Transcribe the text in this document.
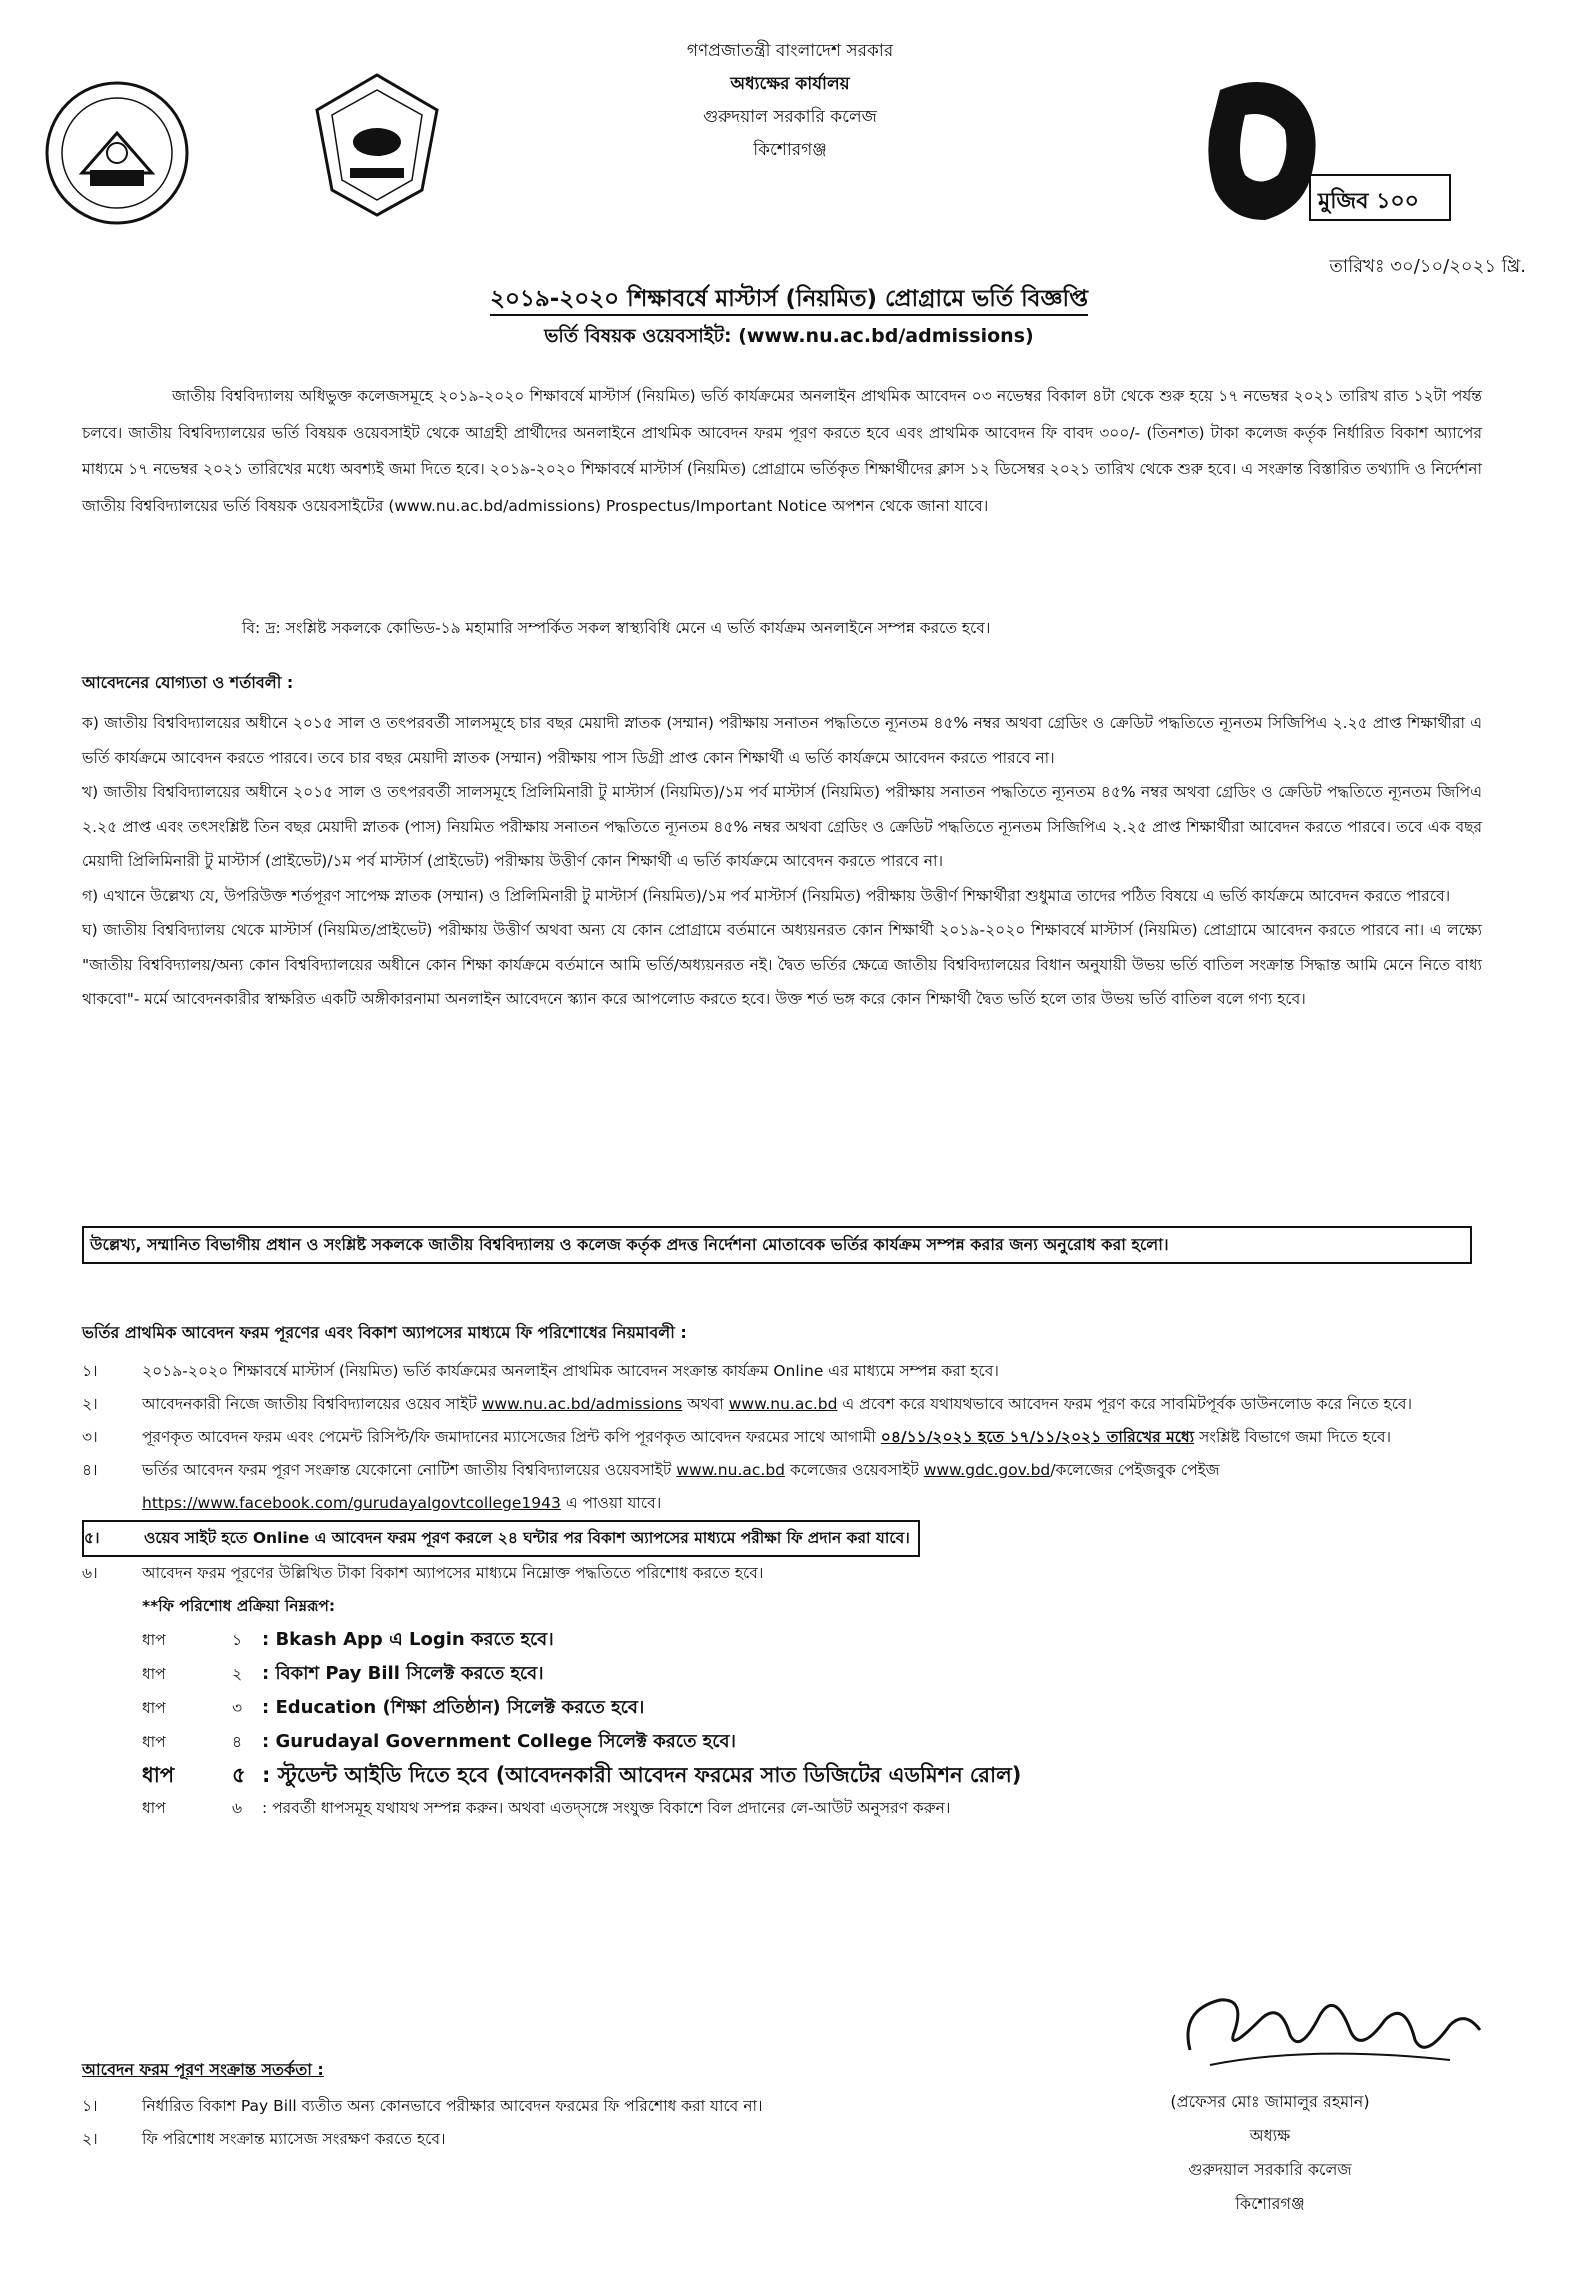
গণপ্রজাতন্ত্রী বাংলাদেশ সরকার
অধ্যক্ষের কার্যালয়
গুরুদয়াল সরকারি কলেজ
কিশোরগঞ্জ
মুজিব ১০০
তারিখঃ ৩০/১০/২০২১ খ্রি.
২০১৯-২০২০ শিক্ষাবর্ষে মাস্টার্স (নিয়মিত) প্রোগ্রামে ভর্তি বিজ্ঞপ্তি
ভর্তি বিষয়ক ওয়েবসাইট: (www.nu.ac.bd/admissions)
জাতীয় বিশ্ববিদ্যালয় অধিভুক্ত কলেজসমূহে ২০১৯-২০২০ শিক্ষাবর্ষে মাস্টার্স (নিয়মিত) ভর্তি কার্যক্রমের অনলাইন প্রাথমিক আবেদন ০৩ নভেম্বর বিকাল ৪টা থেকে শুরু হয়ে ১৭ নভেম্বর ২০২১ তারিখ রাত ১২টা পর্যন্ত চলবে। জাতীয় বিশ্ববিদ্যালয়ের ভর্তি বিষয়ক ওয়েবসাইট থেকে আগ্রহী প্রার্থীদের অনলাইনে প্রাথমিক আবেদন ফরম পূরণ করতে হবে এবং প্রাথমিক আবেদন ফি বাবদ ৩০০/- (তিনশত) টাকা কলেজ কর্তৃক নির্ধারিত বিকাশ অ্যাপের মাধ্যমে ১৭ নভেম্বর ২০২১ তারিখের মধ্যে অবশ্যই জমা দিতে হবে। ২০১৯-২০২০ শিক্ষাবর্ষে মাস্টার্স (নিয়মিত) প্রোগ্রামে ভর্তিকৃত শিক্ষার্থীদের ক্লাস ১২ ডিসেম্বর ২০২১ তারিখ থেকে শুরু হবে। এ সংক্রান্ত বিস্তারিত তথ্যাদি ও নির্দেশনা জাতীয় বিশ্ববিদ্যালয়ের ভর্তি বিষয়ক ওয়েবসাইটের (www.nu.ac.bd/admissions) Prospectus/Important Notice অপশন থেকে জানা যাবে।
বি: দ্র: সংশ্লিষ্ট সকলকে কোভিড-১৯ মহামারি সম্পর্কিত সকল স্বাস্থ্যবিধি মেনে এ ভর্তি কার্যক্রম অনলাইনে সম্পন্ন করতে হবে।
আবেদনের যোগ্যতা ও শর্তাবলী :

ক) জাতীয় বিশ্ববিদ্যালয়ের অধীনে ২০১৫ সাল ও তৎপরবর্তী সালসমূহে চার বছর মেয়াদী স্নাতক (সম্মান) পরীক্ষায় সনাতন পদ্ধতিতে ন্যূনতম ৪৫% নম্বর অথবা গ্রেডিং ও ক্রেডিট পদ্ধতিতে ন্যূনতম সিজিপিএ ২.২৫ প্রাপ্ত শিক্ষার্থীরা এ ভর্তি কার্যক্রমে আবেদন করতে পারবে। তবে চার বছর মেয়াদী স্নাতক (সম্মান) পরীক্ষায় পাস ডিগ্রী প্রাপ্ত কোন শিক্ষার্থী এ ভর্তি কার্যক্রমে আবেদন করতে পারবে না।

খ) জাতীয় বিশ্ববিদ্যালয়ের অধীনে ২০১৫ সাল ও তৎপরবর্তী সালসমূহে প্রিলিমিনারী টু মাস্টার্স (নিয়মিত)/১ম পর্ব মাস্টার্স (নিয়মিত) পরীক্ষায় সনাতন পদ্ধতিতে ন্যূনতম ৪৫% নম্বর অথবা গ্রেডিং ও ক্রেডিট পদ্ধতিতে ন্যূনতম জিপিএ ২.২৫ প্রাপ্ত এবং তৎসংশ্লিষ্ট তিন বছর মেয়াদী স্নাতক (পাস) নিয়মিত পরীক্ষায় সনাতন পদ্ধতিতে ন্যূনতম ৪৫% নম্বর অথবা গ্রেডিং ও ক্রেডিট পদ্ধতিতে ন্যূনতম সিজিপিএ ২.২৫ প্রাপ্ত শিক্ষার্থীরা আবেদন করতে পারবে। তবে এক বছর মেয়াদী প্রিলিমিনারী টু মাস্টার্স (প্রাইভেট)/১ম পর্ব মাস্টার্স (প্রাইভেট) পরীক্ষায় উত্তীর্ণ কোন শিক্ষার্থী এ ভর্তি কার্যক্রমে আবেদন করতে পারবে না।

গ) এখানে উল্লেখ্য যে, উপরিউক্ত শর্তপূরণ সাপেক্ষ স্নাতক (সম্মান) ও প্রিলিমিনারী টু মাস্টার্স (নিয়মিত)/১ম পর্ব মাস্টার্স (নিয়মিত) পরীক্ষায় উত্তীর্ণ শিক্ষার্থীরা শুধুমাত্র তাদের পঠিত বিষয়ে এ ভর্তি কার্যক্রমে আবেদন করতে পারবে।

ঘ) জাতীয় বিশ্ববিদ্যালয় থেকে মাস্টার্স (নিয়মিত/প্রাইভেট) পরীক্ষায় উত্তীর্ণ অথবা অন্য যে কোন প্রোগ্রামে বর্তমানে অধ্যয়নরত কোন শিক্ষার্থী ২০১৯-২০২০ শিক্ষাবর্ষে মাস্টার্স (নিয়মিত) প্রোগ্রামে আবেদন করতে পারবে না। এ লক্ষ্যে "জাতীয় বিশ্ববিদ্যালয়/অন্য কোন বিশ্ববিদ্যালয়ের অধীনে কোন শিক্ষা কার্যক্রমে বর্তমানে আমি ভর্তি/অধ্যয়নরত নই। দ্বৈত ভর্তির ক্ষেত্রে জাতীয় বিশ্ববিদ্যালয়ের বিধান অনুযায়ী উভয় ভর্তি বাতিল সংক্রান্ত সিদ্ধান্ত আমি মেনে নিতে বাধ্য থাকবো"- মর্মে আবেদনকারীর স্বাক্ষরিত একটি অঙ্গীকারনামা অনলাইন আবেদনে স্ক্যান করে আপলোড করতে হবে। উক্ত শর্ত ভঙ্গ করে কোন শিক্ষার্থী দ্বৈত ভর্তি হলে তার উভয় ভর্তি বাতিল বলে গণ্য হবে।

উল্লেখ্য, সম্মানিত বিভাগীয় প্রধান ও সংশ্লিষ্ট সকলকে জাতীয় বিশ্ববিদ্যালয় ও কলেজ কর্তৃক প্রদত্ত নির্দেশনা মোতাবেক ভর্তির কার্যক্রম সম্পন্ন করার জন্য অনুরোধ করা হলো।
ভর্তির প্রাথমিক আবেদন ফরম পূরণের এবং বিকাশ অ্যাপসের মাধ্যমে ফি পরিশোধের নিয়মাবলী :
১।	২০১৯-২০২০ শিক্ষাবর্ষে মাস্টার্স (নিয়মিত) ভর্তি কার্যক্রমের অনলাইন প্রাথমিক আবেদন সংক্রান্ত কার্যক্রম Online এর মাধ্যমে সম্পন্ন করা হবে।
২।	আবেদনকারী নিজে জাতীয় বিশ্ববিদ্যালয়ের ওয়েব সাইট www.nu.ac.bd/admissions অথবা www.nu.ac.bd এ প্রবেশ করে যথাযথভাবে আবেদন ফরম পূরণ করে সাবমিটপূর্বক ডাউনলোড করে নিতে হবে।
৩।	পূরণকৃত আবেদন ফরম এবং পেমেন্ট রিসিপ্ট/ফি জমাদানের ম্যাসেজের প্রিন্ট কপি পূরণকৃত আবেদন ফরমের সাথে আগামী ০৪/১১/২০২১ হতে ১৭/১১/২০২১ তারিখের মধ্যে সংশ্লিষ্ট বিভাগে জমা দিতে হবে।
৪।	ভর্তির আবেদন ফরম পূরণ সংক্রান্ত যেকোনো নোটিশ জাতীয় বিশ্ববিদ্যালয়ের ওয়েবসাইট www.nu.ac.bd কলেজের ওয়েবসাইট www.gdc.gov.bd/কলেজের পেইজবুক পেইজ https://www.facebook.com/gurudayalgovtcollege1943 এ পাওয়া যাবে।
৫।	ওয়েব সাইট হতে Online এ আবেদন ফরম পূরণ করলে ২৪ ঘন্টার পর বিকাশ অ্যাপসের মাধ্যমে পরীক্ষা ফি প্রদান করা যাবে।
৬।	আবেদন ফরম পূরণের উল্লিখিত টাকা বিকাশ অ্যাপসের মাধ্যমে নিম্নোক্ত পদ্ধতিতে পরিশোধ করতে হবে।
**ফি পরিশোধ প্রক্রিয়া নিম্নরূপ:
ধাপ	১ : Bkash App এ Login করতে হবে।
ধাপ	২ : বিকাশ Pay Bill সিলেক্ট করতে হবে।
ধাপ	৩ : Education (শিক্ষা প্রতিষ্ঠান) সিলেক্ট করতে হবে।
ধাপ	৪ : Gurudayal Government College সিলেক্ট করতে হবে।
ধাপ	৫ : স্টুডেন্ট আইডি দিতে হবে (আবেদনকারী আবেদন ফরমের সাত ডিজিটের এডমিশন রোল)
ধাপ	৬ : পরবর্তী ধাপসমূহ যথাযথ সম্পন্ন করুন। অথবা এতদ্‌সঙ্গে সংযুক্ত বিকাশে বিল প্রদানের লে-আউট অনুসরণ করুন।
আবেদন ফরম পূরণ সংক্রান্ত সতর্কতা :
১।	নির্ধারিত বিকাশ Pay Bill ব্যতীত অন্য কোনভাবে পরীক্ষার আবেদন ফরমের ফি পরিশোধ করা যাবে না।
২।	ফি পরিশোধ সংক্রান্ত ম্যাসেজ সংরক্ষণ করতে হবে।
(প্রফেসর মোঃ জামালুর রহমান)
অধ্যক্ষ
গুরুদয়াল সরকারি কলেজ
কিশোরগঞ্জ
